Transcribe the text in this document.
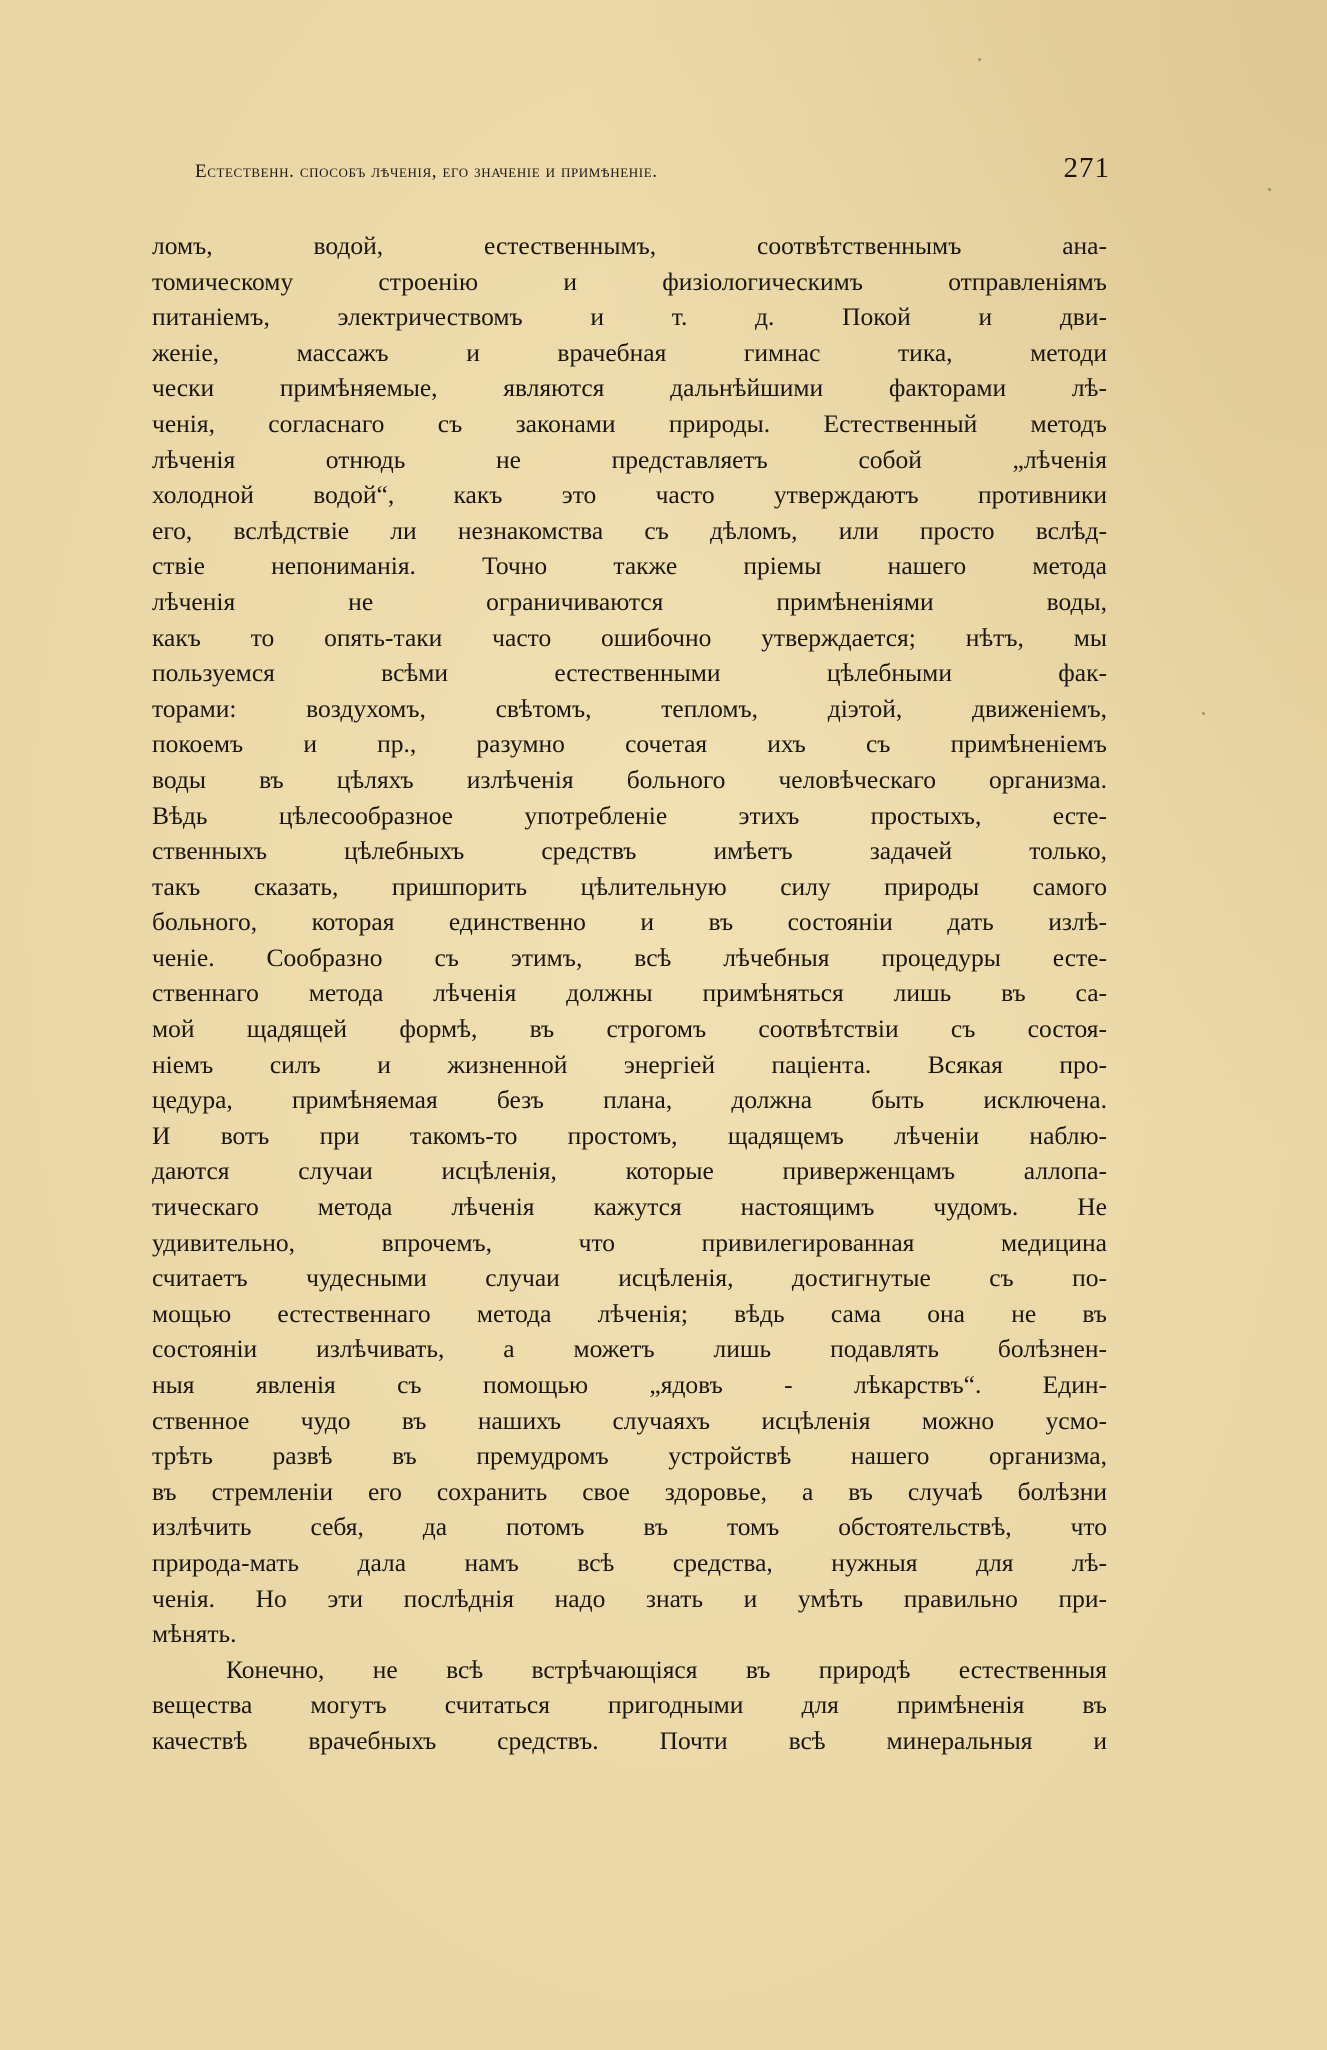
Естественн. способъ лѣченія, его значеніе и примѣненіе.	271
ломъ, водой, естественнымъ, соотвѣтственнымъ ана-
томическому строенію и физіологическимъ отправленіямъ
питаніемъ, электричествомъ и т. д. Покой и дви-
женіе, массажъ и врачебная гимнас тика, методи
чески примѣняемые, являются дальнѣйшими факторами лѣ-
ченія, согласнаго съ законами природы. Естественный методъ
лѣченія отнюдь не представляетъ собой „лѣченія
холодной водой“, какъ это часто утверждаютъ противники
его, вслѣдствіе ли незнакомства съ дѣломъ, или просто вслѣд-
ствіе непониманія. Точно также пріемы нашего метода
лѣченія не ограничиваются примѣненіями воды,
какъ то опять-таки часто ошибочно утверждается; нѣтъ, мы
пользуемся всѣми естественными цѣлебными фак-
торами: воздухомъ, свѣтомъ, тепломъ, діэтой, движеніемъ,
покоемъ и пр., разумно сочетая ихъ съ примѣненіемъ
воды въ цѣляхъ излѣченія больного человѣческаго организма.
Вѣдь цѣлесообразное употребленіе этихъ простыхъ, есте-
ственныхъ цѣлебныхъ средствъ имѣетъ задачей только,
такъ сказать, пришпорить цѣлительную силу природы самого
больного, которая единственно и въ состояніи дать излѣ-
ченіе. Сообразно съ этимъ, всѣ лѣчебныя процедуры есте-
ственнаго метода лѣченія должны примѣняться лишь въ са-
мой щадящей формѣ, въ строгомъ соотвѣтствіи съ состоя-
ніемъ силъ и жизненной энергіей паціента. Всякая про-
цедура, примѣняемая безъ плана, должна быть исключена.
И вотъ при такомъ-то простомъ, щадящемъ лѣченіи наблю-
даются случаи исцѣленія, которые приверженцамъ аллопа-
тическаго метода лѣченія кажутся настоящимъ чудомъ. Не
удивительно, впрочемъ, что привилегированная медицина
считаетъ чудесными случаи исцѣленія, достигнутые съ по-
мощью естественнаго метода лѣченія; вѣдь сама она не въ
состояніи излѣчивать, а можетъ лишь подавлять болѣзнен-
ныя явленія съ помощью „ядовъ - лѣкарствъ“. Един-
ственное чудо въ нашихъ случаяхъ исцѣленія можно усмо-
трѣть развѣ въ премудромъ устройствѣ нашего организма,
въ стремленіи его сохранить свое здоровье, а въ случаѣ болѣзни
излѣчить себя, да потомъ въ томъ обстоятельствѣ, что
природа-мать дала намъ всѣ средства, нужныя для лѣ-
ченія. Но эти послѣднія надо знать и умѣть правильно при-
мѣнять.
Конечно, не всѣ встрѣчающіяся въ природѣ естественныя
вещества могутъ считаться пригодными для примѣненія въ
качествѣ врачебныхъ средствъ. Почти всѣ минеральныя и
